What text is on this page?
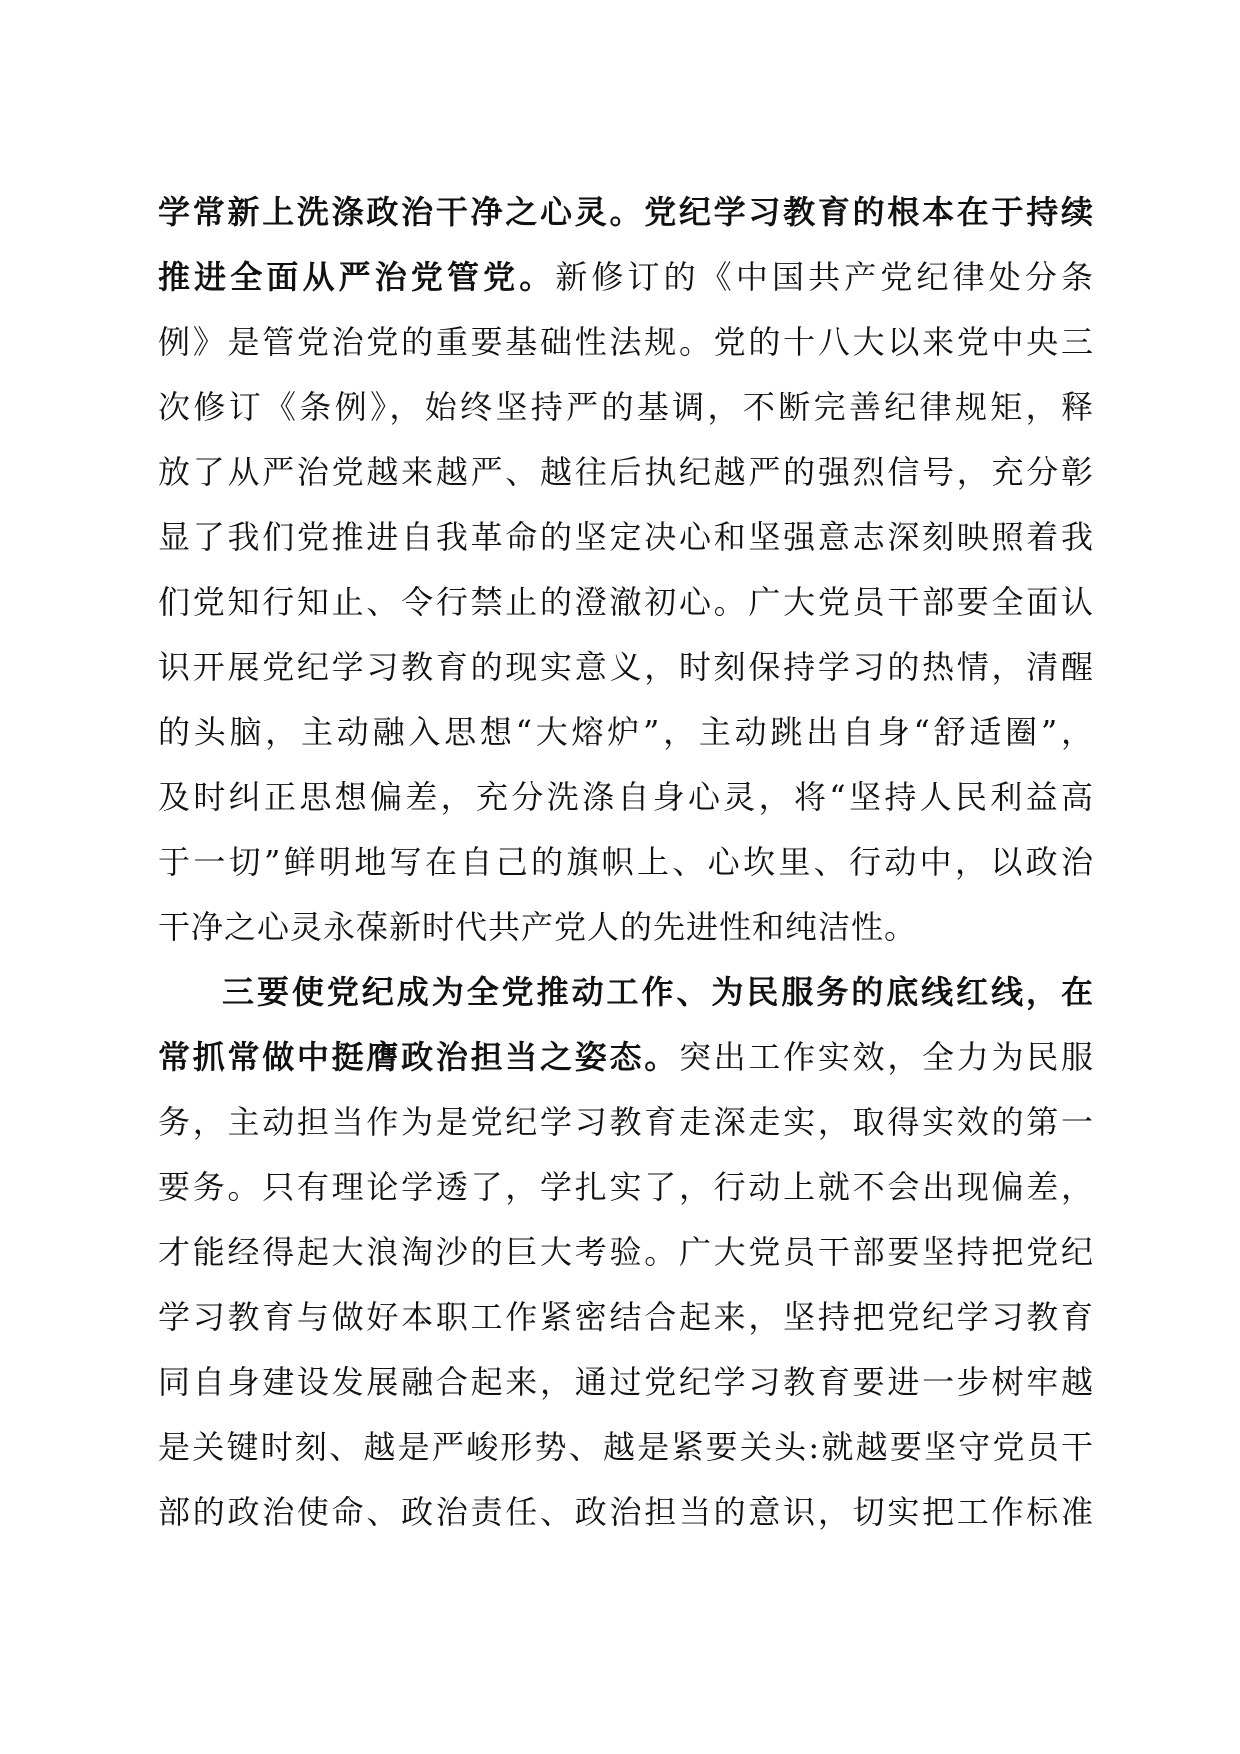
学常新上洗涤政治干净之心灵。党纪学习教育的根本在于持续
推进全面从严治党管党。新修订的《中国共产党纪律处分条
例》是管党治党的重要基础性法规。党的十八大以来党中央三
次修订《条例》，始终坚持严的基调，不断完善纪律规矩，释
放了从严治党越来越严、越往后执纪越严的强烈信号，充分彰
显了我们党推进自我革命的坚定决心和坚强意志深刻映照着我
们党知行知止、令行禁止的澄澈初心。广大党员干部要全面认
识开展党纪学习教育的现实意义，时刻保持学习的热情，清醒
的头脑，主动融入思想“大熔炉”，主动跳出自身“舒适圈”，
及时纠正思想偏差，充分洗涤自身心灵，将“坚持人民利益高
于一切”鲜明地写在自己的旗帜上、心坎里、行动中，以政治
干净之心灵永葆新时代共产党人的先进性和纯洁性。
三要使党纪成为全党推动工作、为民服务的底线红线，在
常抓常做中挺膺政治担当之姿态。突出工作实效，全力为民服
务，主动担当作为是党纪学习教育走深走实，取得实效的第一
要务。只有理论学透了，学扎实了，行动上就不会出现偏差，
才能经得起大浪淘沙的巨大考验。广大党员干部要坚持把党纪
学习教育与做好本职工作紧密结合起来，坚持把党纪学习教育
同自身建设发展融合起来，通过党纪学习教育要进一步树牢越
是关键时刻、越是严峻形势、越是紧要关头:就越要坚守党员干
部的政治使命、政治责任、政治担当的意识，切实把工作标准
